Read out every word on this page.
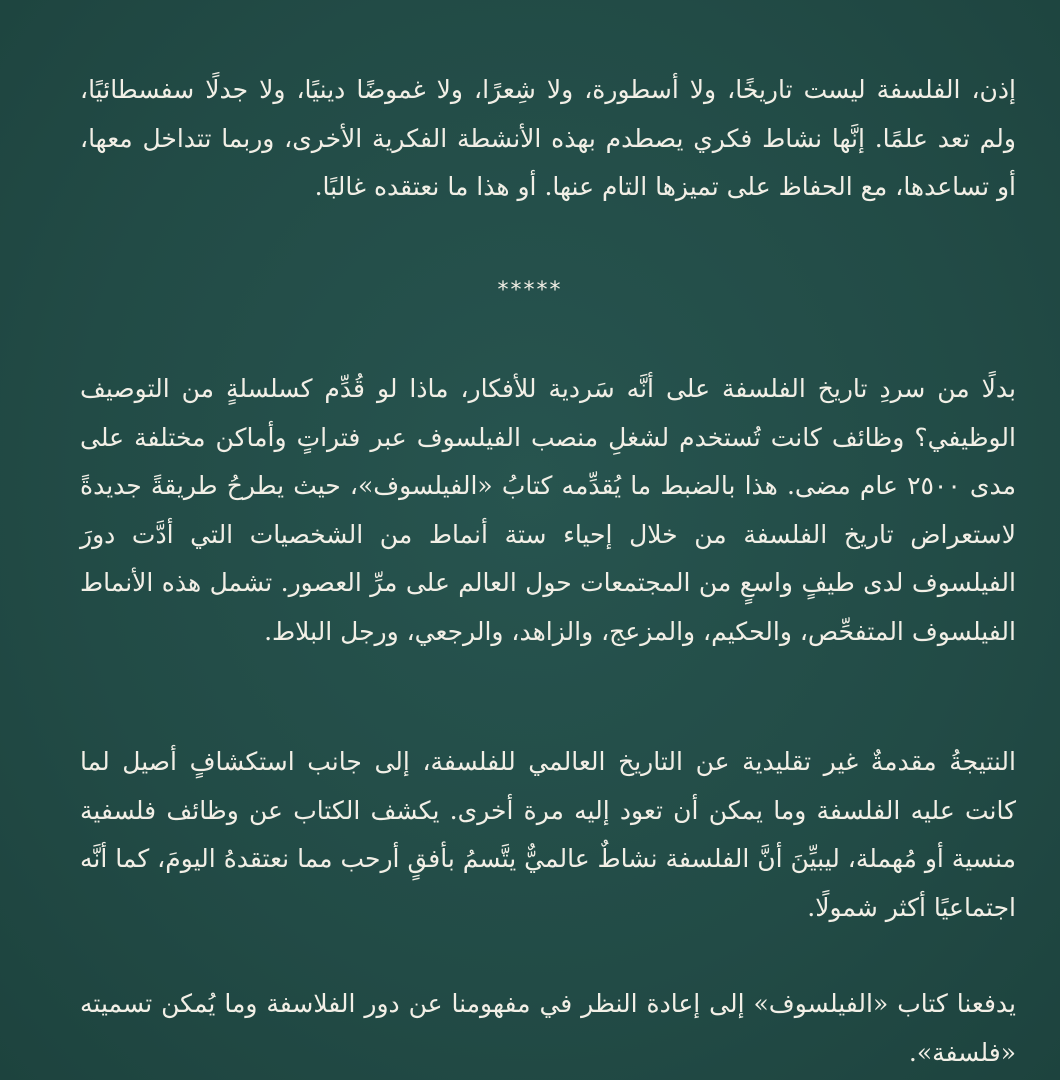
إذن، الفلسفة ليست تاريخًا، ولا أسطورة، ولا شِعرًا، ولا غموضًا دينيًا، ولا جدلًا سفسطائيًا، ولم تعد علمًا. إنَّها نشاط فكري يصطدم بهذه الأنشطة الفكرية الأخرى، وربما تتداخل معها، أو تساعدها، مع الحفاظ على تميزها التام عنها. أو هذا ما نعتقده غالبًا.

*****

بدلًا من سردِ تاريخ الفلسفة على أنَّه سَردية للأفكار، ماذا لو قُدِّم كسلسلةٍ من التوصيف الوظيفي؟ وظائف كانت تُستخدم لشغلِ منصب الفيلسوف عبر فتراتٍ وأماكن مختلفة على مدى ٢٥٠٠ عام مضى. هذا بالضبط ما يُقدِّمه كتابُ «الفيلسوف»، حيث يطرحُ طريقةً جديدةً لاستعراض تاريخ الفلسفة من خلال إحياء ستة أنماط من الشخصيات التي أدَّت دورَ الفيلسوف لدى طيفٍ واسعٍ من المجتمعات حول العالم على مرِّ العصور. تشمل هذه الأنماط الفيلسوف المتفحِّص، والحكيم، والمزعج، والزاهد، والرجعي، ورجل البلاط.

النتيجةُ مقدمةٌ غير تقليدية عن التاريخ العالمي للفلسفة، إلى جانب استكشافٍ أصيل لما كانت عليه الفلسفة وما يمكن أن تعود إليه مرة أخرى. يكشف الكتاب عن وظائف فلسفية منسية أو مُهملة، ليبيِّنَ أنَّ الفلسفة نشاطٌ عالميٌّ يتَّسمُ بأفقٍ أرحب مما نعتقدهُ اليومَ، كما أنَّه اجتماعيًا أكثر شمولًا.

يدفعنا كتاب «الفيلسوف» إلى إعادة النظر في مفهومنا عن دور الفلاسفة وما يُمكن تسميته «فلسفة».
